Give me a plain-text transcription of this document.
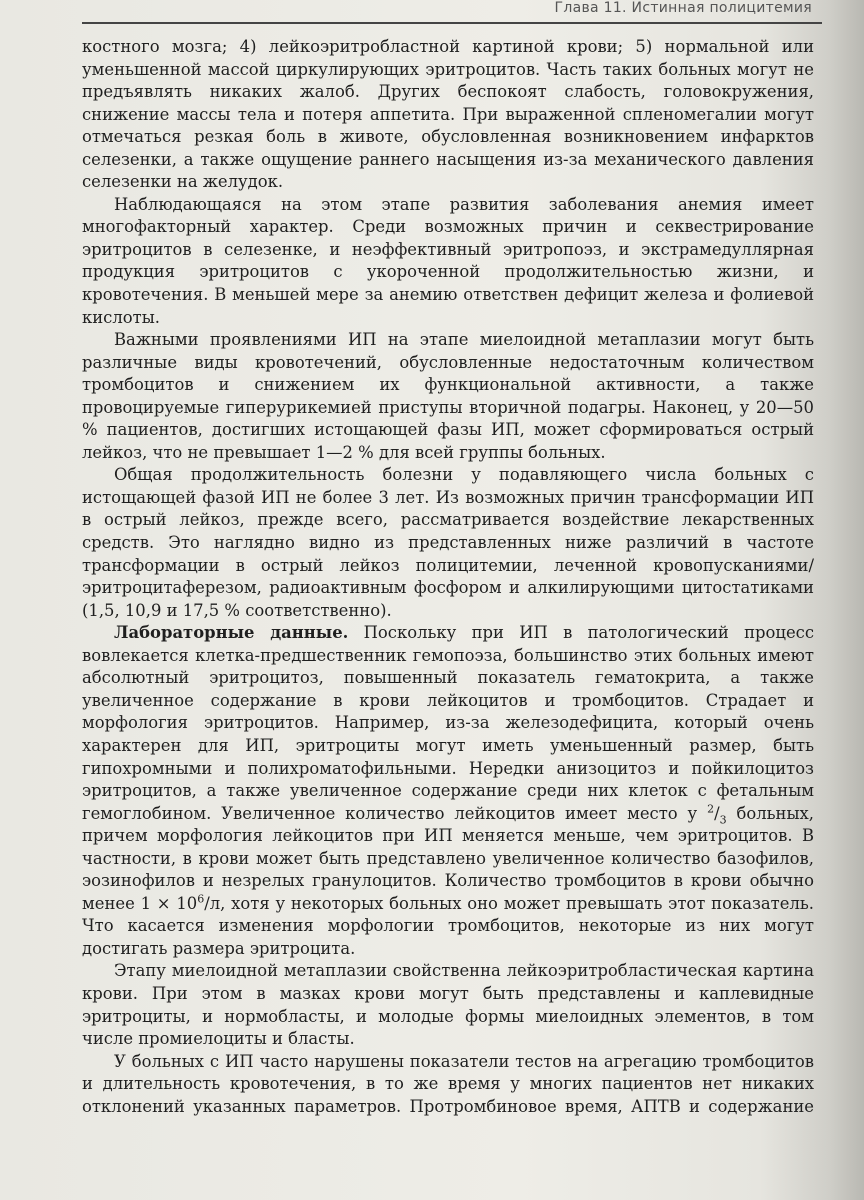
Глава 11. Истинная полицитемия

костного мозга; 4) лейкоэритробластной картиной крови; 5) нормальной или уменьшенной массой циркулирующих эритроцитов. Часть таких больных могут не предъявлять никаких жалоб. Других беспокоят слабость, головокружения, снижение массы тела и потеря аппетита. При выраженной спленомегалии могут отмечаться резкая боль в животе, обусловленная возникновением инфарктов селезенки, а также ощущение раннего насыщения из-за механического давления селезенки на желудок.

Наблюдающаяся на этом этапе развития заболевания анемия имеет многофакторный характер. Среди возможных причин и секвестрирование эритроцитов в селезенке, и неэффективный эритропоэз, и экстрамедуллярная продукция эритроцитов с укороченной продолжительностью жизни, и кровотечения. В меньшей мере за анемию ответствен дефицит железа и фолиевой кислоты.

Важными проявлениями ИП на этапе миелоидной метаплазии могут быть различные виды кровотечений, обусловленные недостаточным количеством тромбоцитов и снижением их функциональной активности, а также провоцируемые гиперурикемией приступы вторичной подагры. Наконец, у 20—50 % пациентов, достигших истощающей фазы ИП, может сформироваться острый лейкоз, что не превышает 1—2 % для всей группы больных.

Общая продолжительность болезни у подавляющего числа больных с истощающей фазой ИП не более 3 лет. Из возможных причин трансформации ИП в острый лейкоз, прежде всего, рассматривается воздействие лекарственных средств. Это наглядно видно из представленных ниже различий в частоте трансформации в острый лейкоз полицитемии, леченной кровопусканиями/эритроцитаферезом, радиоактивным фосфором и алкилирующими цитостатиками (1,5, 10,9 и 17,5 % соответственно).

Лабораторные данные. Поскольку при ИП в патологический процесс вовлекается клетка-предшественник гемопоэза, большинство этих больных имеют абсолютный эритроцитоз, повышенный показатель гематокрита, а также увеличенное содержание в крови лейкоцитов и тромбоцитов. Страдает и морфология эритроцитов. Например, из-за железодефицита, который очень характерен для ИП, эритроциты могут иметь уменьшенный размер, быть гипохромными и полихроматофильными. Нередки анизоцитоз и пойкилоцитоз эритроцитов, а также увеличенное содержание среди них клеток с фетальным гемоглобином. Увеличенное количество лейкоцитов имеет место у $^2/_3$ больных, причем морфология лейкоцитов при ИП меняется меньше, чем эритроцитов. В частности, в крови может быть представлено увеличенное количество базофилов, эозинофилов и незрелых гранулоцитов. Количество тромбоцитов в крови обычно менее $1 \times 10^6/л$, хотя у некоторых больных оно может превышать этот показатель. Что касается изменения морфологии тромбоцитов, некоторые из них могут достигать размера эритроцита.

Этапу миелоидной метаплазии свойственна лейкоэритробластическая картина крови. При этом в мазках крови могут быть представлены и каплевидные эритроциты, и нормобласты, и молодые формы миелоидных элементов, в том числе промиелоциты и бласты.

У больных с ИП часто нарушены показатели тестов на агрегацию тромбоцитов и длительность кровотечения, в то же время у многих пациентов нет никаких отклонений указанных параметров. Протромбиновое время, АПТВ и содержание
